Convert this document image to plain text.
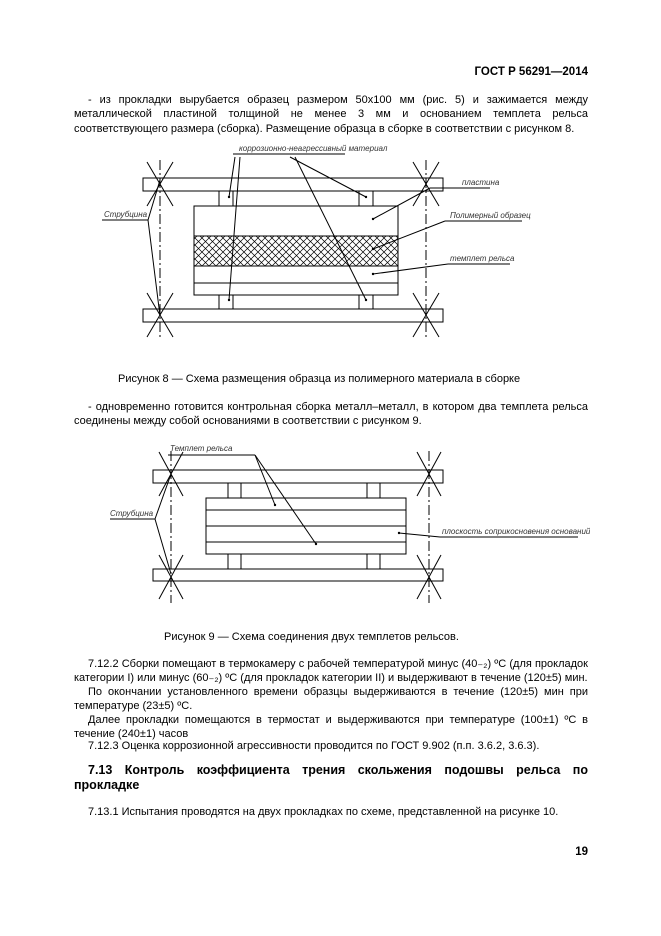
ГОСТ Р 56291—2014
- из прокладки вырубается образец размером 50х100 мм (рис. 5) и зажимается между металлической пластиной толщиной не менее 3 мм и основанием темплета рельса соответствующего размера (сборка). Размещение образца в сборке в соответствии с рисунком 8.
коррозионно-неагрессивный материал
Струбцина
пластина
Полимерный образец
темплет рельса
Рисунок 8 — Схема размещения образца из полимерного материала в сборке
- одновременно готовится контрольная сборка металл–металл, в котором два темплета рельса соединены между собой основаниями в соответствии с рисунком 9.
Темплет рельса
Струбцина
плоскость соприкосновения оснований
Рисунок 9 — Схема соединения двух темплетов рельсов.
7.12.2 Сборки помещают в термокамеру с рабочей температурой минус (40₋₂) ºС (для прокладок категории I) или минус (60₋₂) ºС (для прокладок категории II) и выдерживают в течение (120±5) мин.
По окончании установленного времени образцы выдерживаются в течение (120±5) мин при температуре (23±5) ºС.
Далее прокладки помещаются в термостат и выдерживаются при температуре (100±1) ºС в течение (240±1) часов
7.12.3 Оценка коррозионной агрессивности проводится по ГОСТ 9.902 (п.п. 3.6.2, 3.6.3).
7.13 Контроль коэффициента трения скольжения подошвы рельса по прокладке
7.13.1 Испытания проводятся на двух прокладках по схеме, представленной на рисунке 10.
19
